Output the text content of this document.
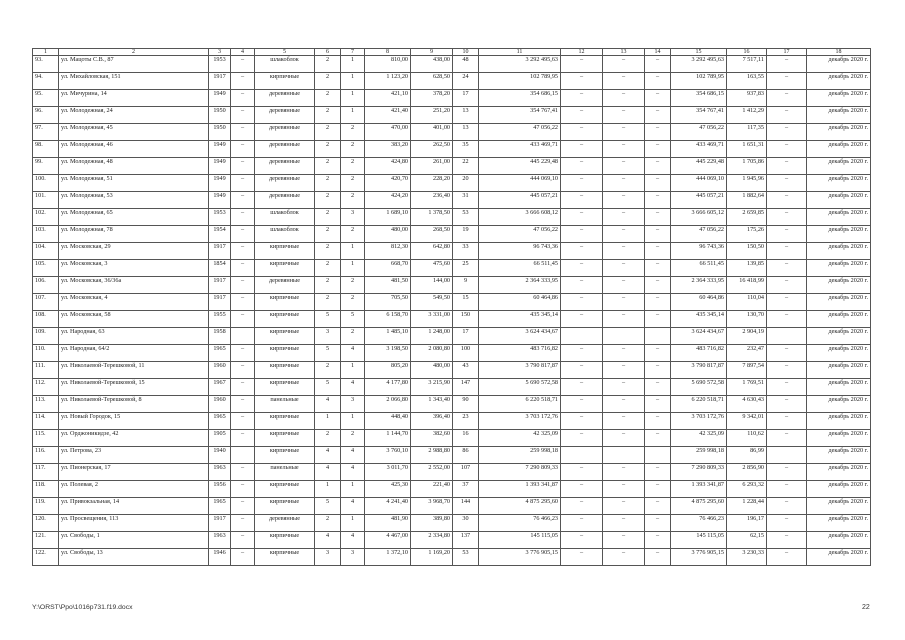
1	2	3	4	5	6	7	8	9	10	11	12	13	14	15	16	17	18
93.	ул. Мацоты С.В., 87	1953	–	шлакоблок	2	1	810,00	438,00	48	3 292 495,63	–	–	–	3 292 495,63	7 517,11	–	декабрь 2020 г.
94.	ул. Михайловская, 151	1917	–	кирпичные	2	1	1 123,20	628,50	24	102 789,95	–	–	–	102 789,95	163,55	–	декабрь 2020 г.
95.	ул. Мичурина, 14	1949	–	деревянные	2	1	421,10	378,20	17	354 686,15	–	–	–	354 686,15	937,83	–	декабрь 2020 г.
96.	ул. Молодежная, 24	1950	–	деревянные	2	1	421,40	251,20	13	354 767,41	–	–	–	354 767,41	1 412,29	–	декабрь 2020 г.
97.	ул. Молодежная, 45	1950	–	деревянные	2	2	470,00	401,00	13	47 056,22	–	–	–	47 056,22	117,35	–	декабрь 2020 г.
98.	ул. Молодежная, 46	1949	–	деревянные	2	2	383,20	262,50	35	433 469,71	–	–	–	433 469,71	1 651,31	–	декабрь 2020 г.
99.	ул. Молодежная, 48	1949	–	деревянные	2	2	424,80	261,00	22	445 229,48	–	–	–	445 229,48	1 705,86	–	декабрь 2020 г.
100.	ул. Молодежная, 51	1949	–	деревянные	2	2	420,70	228,20	20	444 069,10	–	–	–	444 069,10	1 945,96	–	декабрь 2020 г.
101.	ул. Молодежная, 53	1949	–	деревянные	2	2	424,20	236,40	31	445 057,21	–	–	–	445 057,21	1 882,64	–	декабрь 2020 г.
102.	ул. Молодежная, 65	1953	–	шлакоблок	2	3	1 689,10	1 378,50	53	3 666 608,12	–	–	–	3 666 605,12	2 659,85	–	декабрь 2020 г.
103.	ул. Молодежная, 78	1954	–	шлакоблок	2	2	480,00	268,50	19	47 056,22	–	–	–	47 056,22	175,26	–	декабрь 2020 г.
104.	ул. Московская, 29	1917	–	кирпичные	2	1	812,30	642,80	33	96 743,36	–	–	–	96 743,36	150,50	–	декабрь 2020 г.
105.	ул. Московская, 3	1854	–	кирпичные	2	1	668,70	475,60	25	66 511,45	–	–	–	66 511,45	139,85	–	декабрь 2020 г.
106.	ул. Московская, 36/36а	1917	–	деревянные	2	2	481,50	144,00	9	2 364 333,95	–	–	–	2 364 333,95	16 418,99	–	декабрь 2020 г.
107.	ул. Московская, 4	1917	–	кирпичные	2	2	705,50	549,50	15	60 464,86	–	–	–	60 464,86	110,04	–	декабрь 2020 г.
108.	ул. Московская, 58	1955	–	кирпичные	5	5	6 158,70	3 331,00	150	435 345,14	–	–	–	435 345,14	130,70	–	декабрь 2020 г.
109.	ул. Народная, 63	1958		кирпичные	3	2	1 485,10	1 248,00	17	3 624 434,67				3 624 434,67	2 904,19		декабрь 2020 г.
110.	ул. Народная, 64/2	1965	–	кирпичные	5	4	3 198,50	2 080,80	100	483 716,82	–	–	–	483 716,82	232,47	–	декабрь 2020 г.
111.	ул. Николаевой-Терешковой, 11	1960	–	кирпичные	2	1	805,20	480,00	43	3 790 817,87	–	–	–	3 790 817,87	7 897,54	–	декабрь 2020 г.
112.	ул. Николаевой-Терешковой, 15	1967	–	кирпичные	5	4	4 177,80	3 215,90	147	5 690 572,58	–	–	–	5 690 572,58	1 769,51	–	декабрь 2020 г.
113.	ул. Николаевой-Терешковой, 8	1960	–	панельные	4	3	2 066,80	1 343,40	90	6 220 518,71	–	–	–	6 220 518,71	4 630,43	–	декабрь 2020 г.
114.	ул. Новый Городок, 15	1965	–	кирпичные	1	1	448,40	396,40	23	3 703 172,76	–	–	–	3 703 172,76	9 342,01	–	декабрь 2020 г.
115.	ул. Орджоникидзе, 42	1905	–	кирпичные	2	2	1 144,70	382,60	16	42 325,09	–	–	–	42 325,09	110,62	–	декабрь 2020 г.
116.	ул. Петрова, 23	1940		кирпичные	4	4	3 760,10	2 988,80	86	259 998,18				259 998,18	86,99		декабрь 2020 г.
117.	ул. Пионерская, 17	1963	–	панельные	4	4	3 011,70	2 552,00	107	7 290 809,33	–	–	–	7 290 809,33	2 856,90	–	декабрь 2020 г.
118.	ул. Полевая, 2	1956	–	кирпичные	1	1	425,30	221,40	37	1 393 341,87	–	–	–	1 393 341,87	6 293,32	–	декабрь 2020 г.
119.	ул. Привокзальная, 14	1965	–	кирпичные	5	4	4 241,40	3 968,70	144	4 875 295,60	–	–	–	4 875 295,60	1 228,44	–	декабрь 2020 г.
120.	ул. Просвещения, 113	1917	–	деревянные	2	1	481,90	389,80	30	76 466,23	–	–	–	76 466,23	196,17	–	декабрь 2020 г.
121.	ул. Свободы, 1	1963	–	кирпичные	4	4	4 467,00	2 334,80	137	145 115,05	–	–	–	145 115,05	62,15	–	декабрь 2020 г.
122.	ул. Свободы, 13	1946	–	кирпичные	3	3	1 372,10	1 169,20	53	3 776 905,15	–	–	–	3 776 905,15	3 230,33	–	декабрь 2020 г.
Y:\ORST\Ppo\1016p731.f19.docx	22
